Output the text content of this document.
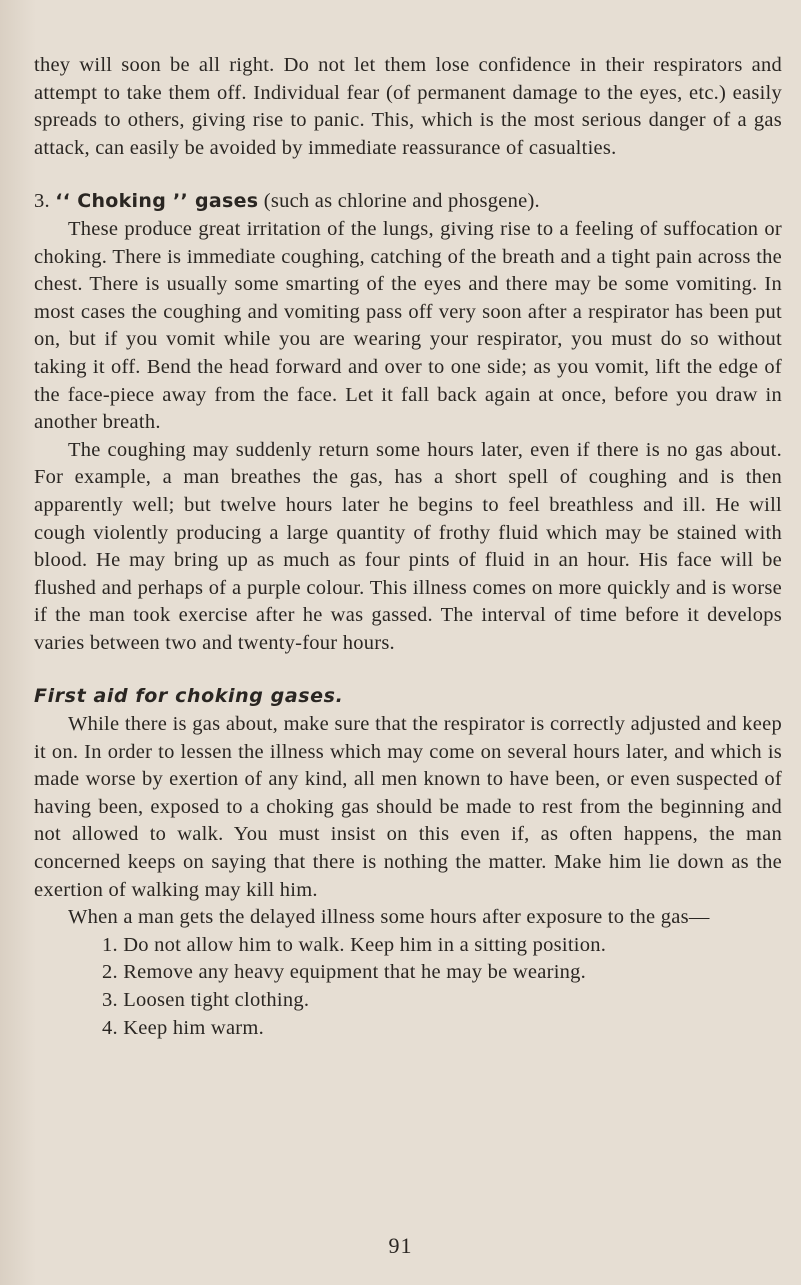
they will soon be all right. Do not let them lose confidence in their respirators and attempt to take them off. Individual fear (of permanent damage to the eyes, etc.) easily spreads to others, giving rise to panic. This, which is the most serious danger of a gas attack, can easily be avoided by immediate reassurance of casualties.

3. ‘‘ Choking ’’ gases (such as chlorine and phosgene).

These produce great irritation of the lungs, giving rise to a feeling of suffocation or choking. There is immediate coughing, catching of the breath and a tight pain across the chest. There is usually some smarting of the eyes and there may be some vomiting. In most cases the coughing and vomiting pass off very soon after a respirator has been put on, but if you vomit while you are wearing your respirator, you must do so without taking it off. Bend the head forward and over to one side; as you vomit, lift the edge of the face-piece away from the face. Let it fall back again at once, before you draw in another breath.

The coughing may suddenly return some hours later, even if there is no gas about. For example, a man breathes the gas, has a short spell of coughing and is then apparently well; but twelve hours later he begins to feel breathless and ill. He will cough violently producing a large quantity of frothy fluid which may be stained with blood. He may bring up as much as four pints of fluid in an hour. His face will be flushed and perhaps of a purple colour. This illness comes on more quickly and is worse if the man took exercise after he was gassed. The interval of time before it develops varies between two and twenty-four hours.

First aid for choking gases.

While there is gas about, make sure that the respirator is correctly adjusted and keep it on. In order to lessen the illness which may come on several hours later, and which is made worse by exertion of any kind, all men known to have been, or even suspected of having been, exposed to a choking gas should be made to rest from the beginning and not allowed to walk. You must insist on this even if, as often happens, the man concerned keeps on saying that there is nothing the matter. Make him lie down as the exertion of walking may kill him.

When a man gets the delayed illness some hours after exposure to the gas—

1. Do not allow him to walk. Keep him in a sitting position.
2. Remove any heavy equipment that he may be wearing.
3. Loosen tight clothing.
4. Keep him warm.
91
